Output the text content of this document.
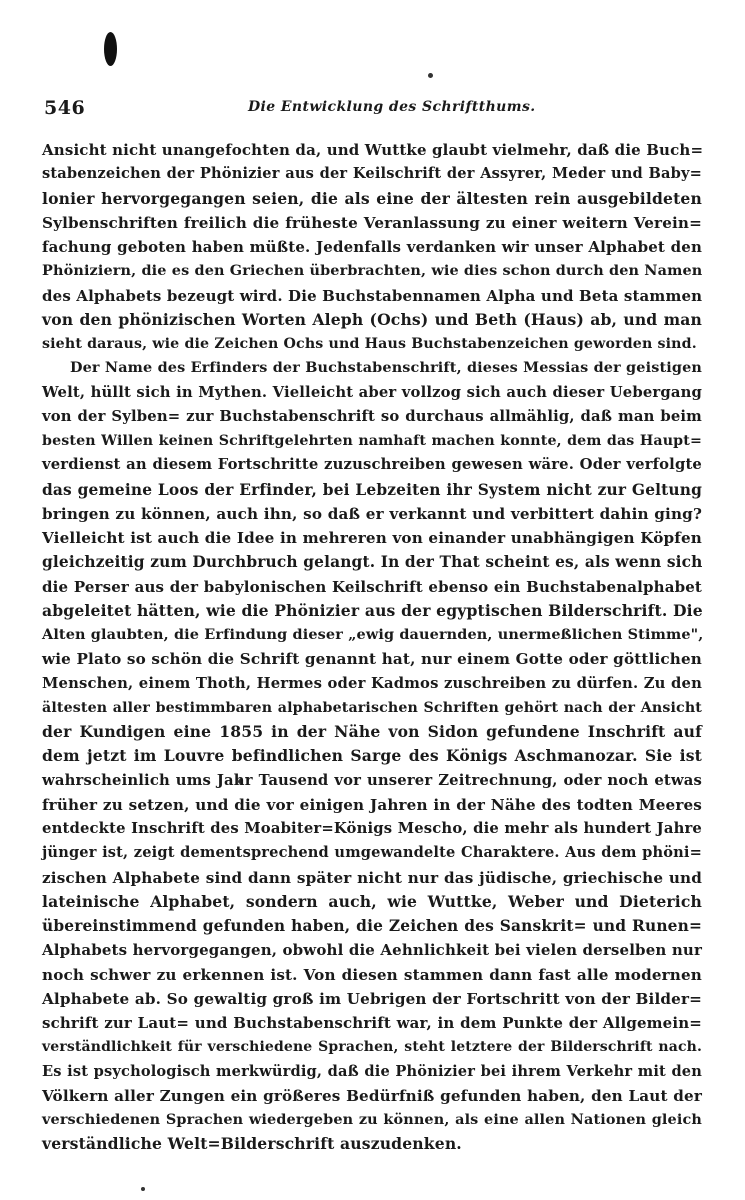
546	Die Entwicklung des Schriftthums.
Ansicht nicht unangefochten da, und Wuttke glaubt vielmehr, daß die Buch=
stabenzeichen der Phönizier aus der Keilschrift der Assyrer, Meder und Baby=
lonier hervorgegangen seien, die als eine der ältesten rein ausgebildeten
Sylbenschriften freilich die früheste Veranlassung zu einer weitern Verein=
fachung geboten haben müßte. Jedenfalls verdanken wir unser Alphabet den
Phöniziern, die es den Griechen überbrachten, wie dies schon durch den Namen
des Alphabets bezeugt wird. Die Buchstabennamen Alpha und Beta stammen
von den phönizischen Worten Aleph (Ochs) und Beth (Haus) ab, und man
sieht daraus, wie die Zeichen Ochs und Haus Buchstabenzeichen geworden sind.
Der Name des Erfinders der Buchstabenschrift, dieses Messias der geistigen
Welt, hüllt sich in Mythen. Vielleicht aber vollzog sich auch dieser Uebergang
von der Sylben= zur Buchstabenschrift so durchaus allmählig, daß man beim
besten Willen keinen Schriftgelehrten namhaft machen konnte, dem das Haupt=
verdienst an diesem Fortschritte zuzuschreiben gewesen wäre. Oder verfolgte
das gemeine Loos der Erfinder, bei Lebzeiten ihr System nicht zur Geltung
bringen zu können, auch ihn, so daß er verkannt und verbittert dahin ging?
Vielleicht ist auch die Idee in mehreren von einander unabhängigen Köpfen
gleichzeitig zum Durchbruch gelangt. In der That scheint es, als wenn sich
die Perser aus der babylonischen Keilschrift ebenso ein Buchstabenalphabet
abgeleitet hätten, wie die Phönizier aus der egyptischen Bilderschrift. Die
Alten glaubten, die Erfindung dieser „ewig dauernden, unermeßlichen Stimme",
wie Plato so schön die Schrift genannt hat, nur einem Gotte oder göttlichen
Menschen, einem Thoth, Hermes oder Kadmos zuschreiben zu dürfen. Zu den
ältesten aller bestimmbaren alphabetarischen Schriften gehört nach der Ansicht
der Kundigen eine 1855 in der Nähe von Sidon gefundene Inschrift auf
dem jetzt im Louvre befindlichen Sarge des Königs Aschmanozar. Sie ist
wahrscheinlich ums Jahr Tausend vor unserer Zeitrechnung, oder noch etwas
früher zu setzen, und die vor einigen Jahren in der Nähe des todten Meeres
entdeckte Inschrift des Moabiter=Königs Mescho, die mehr als hundert Jahre
jünger ist, zeigt dementsprechend umgewandelte Charaktere. Aus dem phöni=
zischen Alphabete sind dann später nicht nur das jüdische, griechische und
lateinische Alphabet, sondern auch, wie Wuttke, Weber und Dieterich
übereinstimmend gefunden haben, die Zeichen des Sanskrit= und Runen=
Alphabets hervorgegangen, obwohl die Aehnlichkeit bei vielen derselben nur
noch schwer zu erkennen ist. Von diesen stammen dann fast alle modernen
Alphabete ab. So gewaltig groß im Uebrigen der Fortschritt von der Bilder=
schrift zur Laut= und Buchstabenschrift war, in dem Punkte der Allgemein=
verständlichkeit für verschiedene Sprachen, steht letztere der Bilderschrift nach.
Es ist psychologisch merkwürdig, daß die Phönizier bei ihrem Verkehr mit den
Völkern aller Zungen ein größeres Bedürfniß gefunden haben, den Laut der
verschiedenen Sprachen wiedergeben zu können, als eine allen Nationen gleich
verständliche Welt=Bilderschrift auszudenken.
